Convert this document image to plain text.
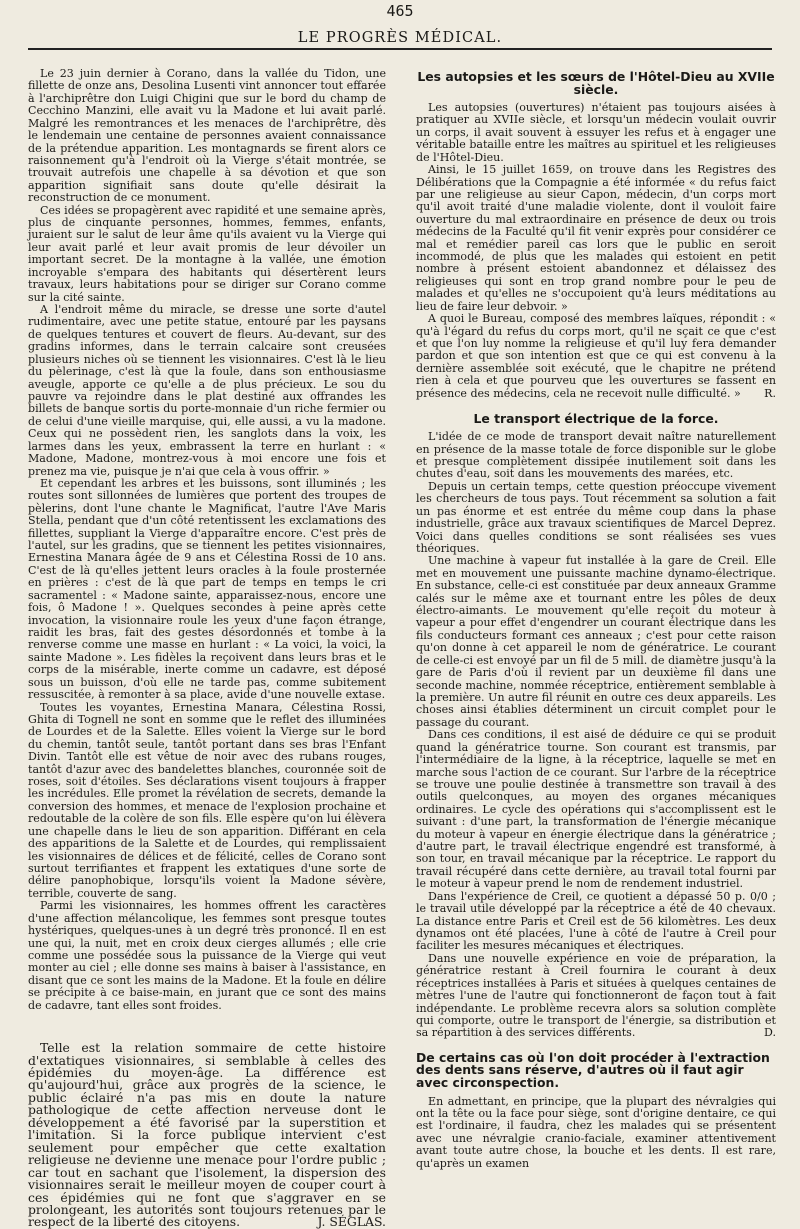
465
LE PROGRÈS MÉDICAL.

Le 23 juin dernier à Corano, dans la vallée du Tidon, une fillette de onze ans, Desolina Lusenti vint annoncer tout effarée à l'archiprêtre don Luigi Chigini que sur le bord du champ de Cecchino Manzini, elle avait vu la Madone et lui avait parlé. Malgré les remontrances et les menaces de l'archiprêtre, dès le lendemain une centaine de personnes avaient connaissance de la prétendue apparition. Les montagnards se firent alors ce raisonnement qu'à l'endroit où la Vierge s'était montrée, se trouvait autrefois une chapelle à sa dévotion et que son apparition signifiait sans doute qu'elle désirait la reconstruction de ce monument.

Ces idées se propagèrent avec rapidité et une semaine après, plus de cinquante personnes, hommes, femmes, enfants, juraient sur le salut de leur âme qu'ils avaient vu la Vierge qui leur avait parlé et leur avait promis de leur dévoiler un important secret. De la montagne à la vallée, une émotion incroyable s'empara des habitants qui désertèrent leurs travaux, leurs habitations pour se diriger sur Corano comme sur la cité sainte.

A l'endroit même du miracle, se dresse une sorte d'autel rudimentaire, avec une petite statue, entouré par les paysans de quelques tentures et couvert de fleurs. Au-devant, sur des gradins informes, dans le terrain calcaire sont creusées plusieurs niches où se tiennent les visionnaires. C'est là le lieu du pèlerinage, c'est là que la foule, dans son enthousiasme aveugle, apporte ce qu'elle a de plus précieux. Le sou du pauvre va rejoindre dans le plat destiné aux offrandes les billets de banque sortis du porte-monnaie d'un riche fermier ou de celui d'une vieille marquise, qui, elle aussi, a vu la madone. Ceux qui ne possèdent rien, les sanglots dans la voix, les larmes dans les yeux, embrassent la terre en hurlant : « Madone, Madone, montrez-vous à moi encore une fois et prenez ma vie, puisque je n'ai que cela à vous offrir. »

Et cependant les arbres et les buissons, sont illuminés ; les routes sont sillonnées de lumières que portent des troupes de pèlerins, dont l'une chante le Magnificat, l'autre l'Ave Maris Stella, pendant que d'un côté retentissent les exclamations des fillettes, suppliant la Vierge d'apparaître encore. C'est près de l'autel, sur les gradins, que se tiennent les petites visionnaires, Ernestina Manara âgée de 9 ans et Célestina Rossi de 10 ans. C'est de là qu'elles jettent leurs oracles à la foule prosternée en prières : c'est de là que part de temps en temps le cri sacramentel : « Madone sainte, apparaissez-nous, encore une fois, ô Madone ! ». Quelques secondes à peine après cette invocation, la visionnaire roule les yeux d'une façon étrange, raidit les bras, fait des gestes désordonnés et tombe à la renverse comme une masse en hurlant : « La voici, la voici, la sainte Madone ». Les fidèles la reçoivent dans leurs bras et le corps de la misérable, inerte comme un cadavre, est déposé sous un buisson, d'où elle ne tarde pas, comme subitement ressuscitée, à remonter à sa place, avide d'une nouvelle extase.

Toutes les voyantes, Ernestina Manara, Célestina Rossi, Ghita di Tognell ne sont en somme que le reflet des illuminées de Lourdes et de la Salette. Elles voient la Vierge sur le bord du chemin, tantôt seule, tantôt portant dans ses bras l'Enfant Divin. Tantôt elle est vêtue de noir avec des rubans rouges, tantôt d'azur avec des bandelettes blanches, couronnée soit de roses, soit d'étoiles. Ses déclarations visent toujours à frapper les incrédules. Elle promet la révélation de secrets, demande la conversion des hommes, et menace de l'explosion prochaine et redoutable de la colère de son fils. Elle espère qu'on lui élèvera une chapelle dans le lieu de son apparition. Différant en cela des apparitions de la Salette et de Lourdes, qui remplissaient les visionnaires de délices et de félicité, celles de Corano sont surtout terrifiantes et frappent les extatiques d'une sorte de délire panophobique, lorsqu'ils voient la Madone sévère, terrible, couverte de sang.

Parmi les visionnaires, les hommes offrent les caractères d'une affection mélancolique, les femmes sont presque toutes hystériques, quelques-unes à un degré très prononcé. Il en est une qui, la nuit, met en croix deux cierges allumés ; elle crie comme une possédée sous la puissance de la Vierge qui veut monter au ciel ; elle donne ses mains à baiser à l'assistance, en disant que ce sont les mains de la Madone. Et la foule en délire se précipite à ce baise-main, en jurant que ce sont des mains de cadavre, tant elles sont froides.

Telle est la relation sommaire de cette histoire d'extatiques visionnaires, si semblable à celles des épidémies du moyen-âge. La différence est qu'aujourd'hui, grâce aux progrès de la science, le public éclairé n'a pas mis en doute la nature pathologique de cette affection nerveuse dont le développement a été favorisé par la superstition et l'imitation. Si la force publique intervient c'est seulement pour empêcher que cette exaltation religieuse ne devienne une menace pour l'ordre public ; car tout en sachant que l'isolement, la dispersion des visionnaires serait le meilleur moyen de couper court à ces épidémies qui ne font que s'aggraver en se prolongeant, les autorités sont toujours retenues par le respect de la liberté des citoyens.	J. SÉGLAS.

Les autopsies et les sœurs de l'Hôtel-Dieu au XVIIe siècle.

Les autopsies (ouvertures) n'étaient pas toujours aisées à pratiquer au XVIIe siècle, et lorsqu'un médecin voulait ouvrir un corps, il avait souvent à essuyer les refus et à engager une véritable bataille entre les maîtres au spirituel et les religieuses de l'Hôtel-Dieu.

Ainsi, le 15 juillet 1659, on trouve dans les Registres des Délibérations que la Compagnie a été informée « du refus faict par une religieuse au sieur Capon, médecin, d'un corps mort qu'il avoit traité d'une maladie violente, dont il vouloit faire ouverture du mal extraordinaire en présence de deux ou trois médecins de la Faculté qu'il fit venir exprès pour considérer ce mal et remédier pareil cas lors que le public en seroit incommodé, de plus que les malades qui estoient en petit nombre à présent estoient abandonnez et délaissez des religieuses qui sont en trop grand nombre pour le peu de malades et qu'elles ne s'occupoient qu'à leurs méditations au lieu de faire leur debvoir. »

A quoi le Bureau, composé des membres laïques, répondit : « qu'à l'égard du refus du corps mort, qu'il ne sçait ce que c'est et que l'on luy nomme la religieuse et qu'il luy fera demander pardon et que son intention est que ce qui est convenu à la dernière assemblée soit exécuté, que le chapitre ne prétend rien à cela et que pourveu que les ouvertures se fassent en présence des médecins, cela ne recevoit nulle difficulté. »	R.

Le transport électrique de la force.

L'idée de ce mode de transport devait naître naturellement en présence de la masse totale de force disponible sur le globe et presque complètement dissipée inutilement soit dans les chutes d'eau, soit dans les mouvements des marées, etc.

Depuis un certain temps, cette question préoccupe vivement les chercheurs de tous pays. Tout récemment sa solution a fait un pas énorme et est entrée du même coup dans la phase industrielle, grâce aux travaux scientifiques de Marcel Deprez. Voici dans quelles conditions se sont réalisées ses vues théoriques.

Une machine à vapeur fut installée à la gare de Creil. Elle met en mouvement une puissante machine dynamo-électrique. En substance, celle-ci est constituée par deux anneaux Gramme calés sur le même axe et tournant entre les pôles de deux électro-aimants. Le mouvement qu'elle reçoit du moteur à vapeur a pour effet d'engendrer un courant électrique dans les fils conducteurs formant ces anneaux ; c'est pour cette raison qu'on donne à cet appareil le nom de génératrice. Le courant de celle-ci est envoyé par un fil de 5 mill. de diamètre jusqu'à la gare de Paris d'où il revient par un deuxième fil dans une seconde machine, nommée réceptrice, entièrement semblable à la première. Un autre fil réunit en outre ces deux appareils. Les choses ainsi établies déterminent un circuit complet pour le passage du courant.

Dans ces conditions, il est aisé de déduire ce qui se produit quand la génératrice tourne. Son courant est transmis, par l'intermédiaire de la ligne, à la réceptrice, laquelle se met en marche sous l'action de ce courant. Sur l'arbre de la réceptrice se trouve une poulie destinée à transmettre son travail à des outils quelconques, au moyen des organes mécaniques ordinaires. Le cycle des opérations qui s'accomplissent est le suivant : d'une part, la transformation de l'énergie mécanique du moteur à vapeur en énergie électrique dans la génératrice ; d'autre part, le travail électrique engendré est transformé, à son tour, en travail mécanique par la réceptrice. Le rapport du travail récupéré dans cette dernière, au travail total fourni par le moteur à vapeur prend le nom de rendement industriel.

Dans l'expérience de Creil, ce quotient a dépassé 50 p. 0/0 ; le travail utile développé par la réceptrice a été de 40 chevaux. La distance entre Paris et Creil est de 56 kilomètres. Les deux dynamos ont été placées, l'une à côté de l'autre à Creil pour faciliter les mesures mécaniques et électriques.

Dans une nouvelle expérience en voie de préparation, la génératrice restant à Creil fournira le courant à deux réceptrices installées à Paris et situées à quelques centaines de mètres l'une de l'autre qui fonctionneront de façon tout à fait indépendante. Le problème recevra alors sa solution complète qui comporte, outre le transport de l'énergie, sa distribution et sa répartition à des services différents.	D.

De certains cas où l'on doit procéder à l'extraction des dents sans réserve, d'autres où il faut agir avec circonspection.

En admettant, en principe, que la plupart des névralgies qui ont la tête ou la face pour siège, sont d'origine dentaire, ce qui est l'ordinaire, il faudra, chez les malades qui se présentent avec une névralgie cranio-faciale, examiner attentivement avant toute autre chose, la bouche et les dents. Il est rare, qu'après un examen
